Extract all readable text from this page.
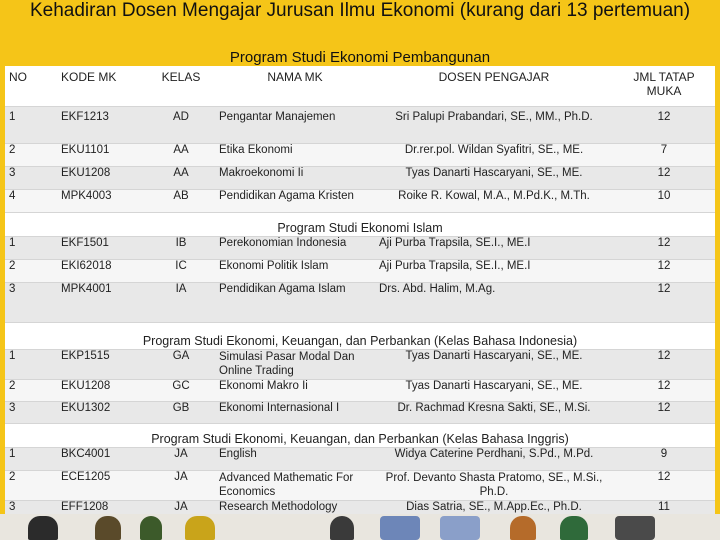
Kehadiran Dosen Mengajar Jurusan Ilmu Ekonomi (kurang dari 13 pertemuan)
Program Studi Ekonomi Pembangunan
NO	KODE MK	KELAS	NAMA MK	DOSEN PENGAJAR	JML TATAP MUKA
1	EKF1213	AD	Pengantar Manajemen	Sri Palupi Prabandari, SE., MM., Ph.D.	12
2	EKU1101	AA	Etika Ekonomi	Dr.rer.pol. Wildan Syafitri, SE., ME.	7
3	EKU1208	AA	Makroekonomi Ii	Tyas Danarti Hascaryani, SE., ME.	12
4	MPK4003	AB	Pendidikan Agama Kristen	Roike R. Kowal, M.A., M.Pd.K., M.Th.	10
Program Studi Ekonomi Islam					
1	EKF1501	IB	Perekonomian Indonesia	Aji Purba Trapsila, SE.I., ME.I	12
2	EKI62018	IC	Ekonomi Politik Islam	Aji Purba Trapsila, SE.I., ME.I	12
3	MPK4001	IA	Pendidikan Agama Islam	Drs. Abd. Halim, M.Ag.	12
Program Studi Ekonomi, Keuangan, dan Perbankan (Kelas Bahasa Indonesia)					
1	EKP1515	GA	Simulasi Pasar Modal Dan Online Trading	Tyas Danarti Hascaryani, SE., ME.	12
2	EKU1208	GC	Ekonomi Makro Ii	Tyas Danarti Hascaryani, SE., ME.	12
3	EKU1302	GB	Ekonomi Internasional I	Dr. Rachmad Kresna Sakti, SE., M.Si.	12
Program Studi Ekonomi, Keuangan, dan Perbankan (Kelas Bahasa Inggris)					
1	BKC4001	JA	English	Widya Caterine Perdhani, S.Pd., M.Pd.	9
2	ECE1205	JA	Advanced Mathematic For Economics	Prof. Devanto Shasta Pratomo, SE., M.Si., Ph.D.	12
3	EFF1208	JA	Research Methodology	Dias Satria, SE., M.App.Ec., Ph.D.	11
